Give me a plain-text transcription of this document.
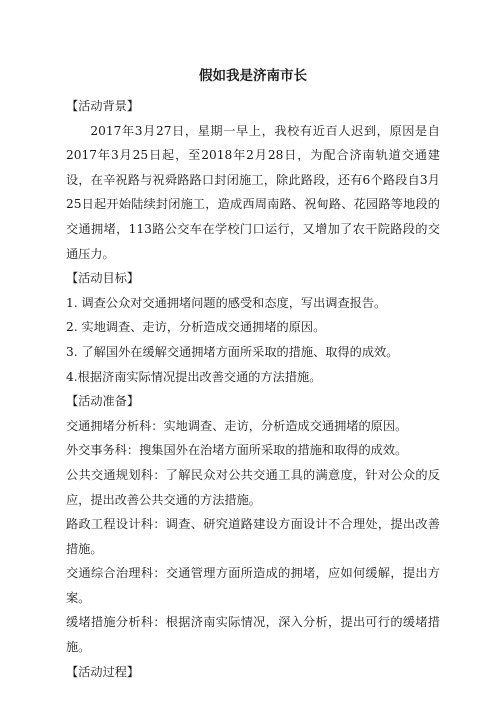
假如我是济南市长

【活动背景】

2017年3月27日，星期一早上，我校有近百人迟到，原因是自2017年3月25日起，至2018年2月28日，为配合济南轨道交通建设，在辛祝路与祝舜路路口封闭施工，除此路段，还有6个路段自3月25日起开始陆续封闭施工，造成西周南路、祝甸路、花园路等地段的交通拥堵，113路公交车在学校门口运行，又增加了农干院路段的交通压力。

【活动目标】

1. 调查公众对交通拥堵问题的感受和态度，写出调查报告。

2. 实地调查、走访，分析造成交通拥堵的原因。

3. 了解国外在缓解交通拥堵方面所采取的措施、取得的成效。

4.根据济南实际情况提出改善交通的方法措施。

【活动准备】

交通拥堵分析科：实地调查、走访，分析造成交通拥堵的原因。

外交事务科：搜集国外在治堵方面所采取的措施和取得的成效。

公共交通规划科：了解民众对公共交通工具的满意度，针对公众的反应，提出改善公共交通的方法措施。

路政工程设计科：调查、研究道路建设方面设计不合理处，提出改善措施。

交通综合治理科：交通管理方面所造成的拥堵，应如何缓解，提出方案。

缓堵措施分析科：根据济南实际情况，深入分析，提出可行的缓堵措施。

【活动过程】
